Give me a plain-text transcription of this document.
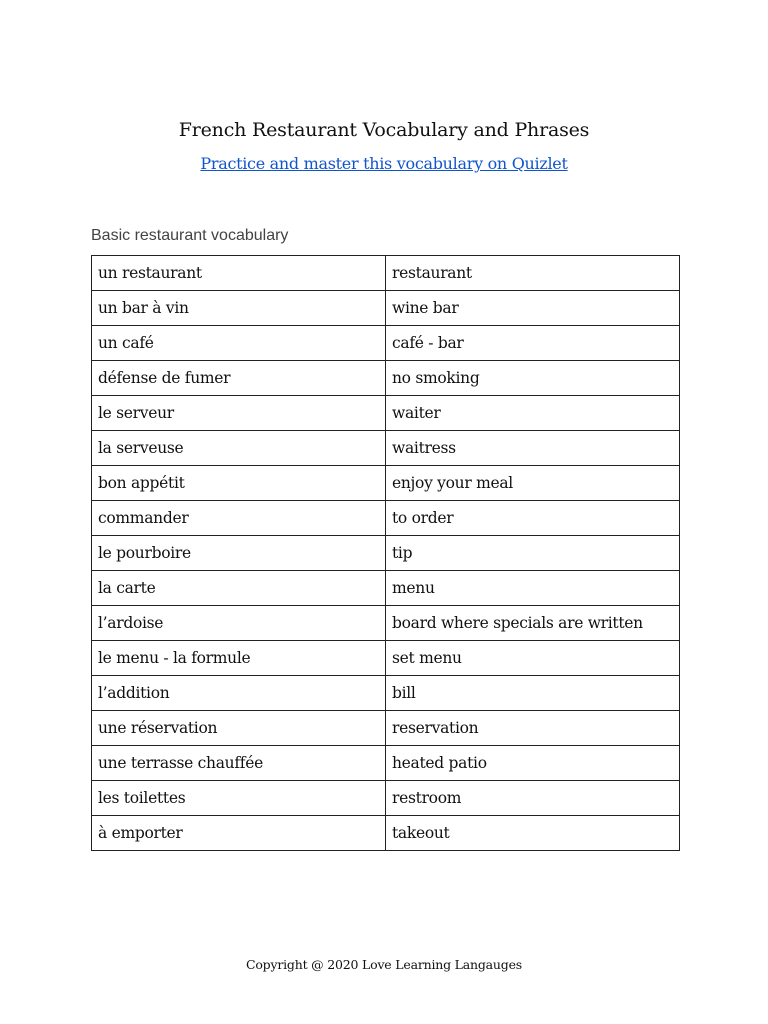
French Restaurant Vocabulary and Phrases
Practice and master this vocabulary on Quizlet
Basic restaurant vocabulary
un restaurant	restaurant
un bar à vin	wine bar
un café	café - bar
défense de fumer	no smoking
le serveur	waiter
la serveuse	waitress
bon appétit	enjoy your meal
commander	to order
le pourboire	tip
la carte	menu
l’ardoise	board where specials are written
le menu - la formule	set menu
l’addition	bill
une réservation	reservation
une terrasse chauffée	heated patio
les toilettes	restroom
à emporter	takeout
Copyright @ 2020 Love Learning Langauges
